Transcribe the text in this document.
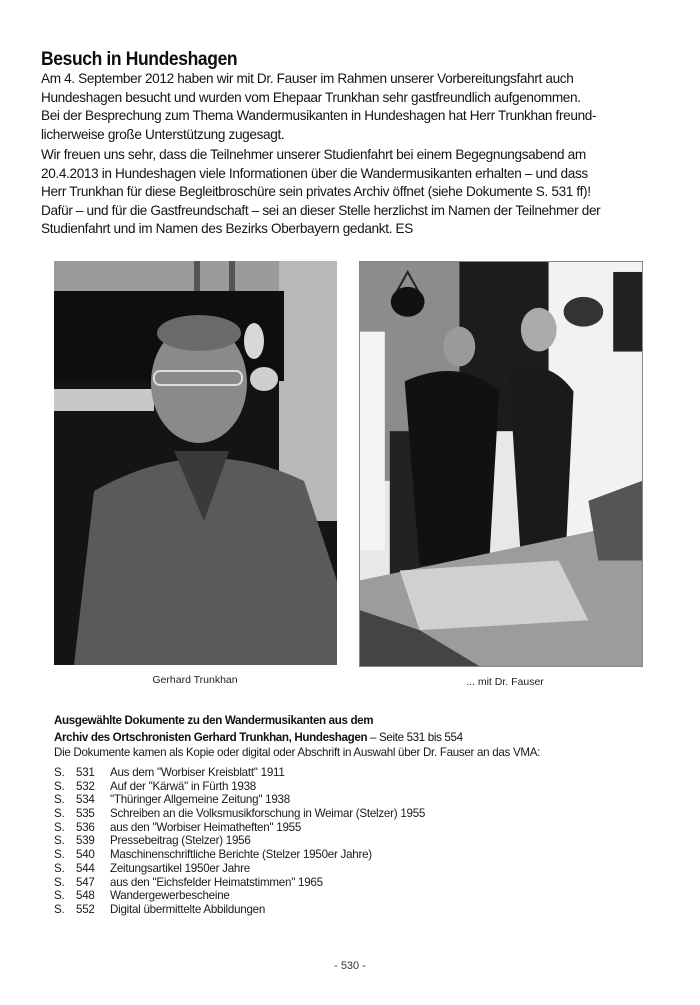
Besuch in Hundeshagen
Am 4. September 2012 haben wir mit Dr. Fauser im Rahmen unserer Vorbereitungsfahrt auch
Hundeshagen besucht und wurden vom Ehepaar Trunkhan sehr gastfreundlich aufgenommen.
Bei der Besprechung zum Thema Wandermusikanten in Hundeshagen hat Herr Trunkhan freund-
licherweise große Unterstützung zugesagt.
Wir freuen uns sehr, dass die Teilnehmer unserer Studienfahrt bei einem Begegnungsabend am
20.4.2013 in Hundeshagen viele Informationen über die Wandermusikanten erhalten – und dass
Herr Trunkhan für diese Begleitbroschüre sein privates Archiv öffnet (siehe Dokumente S. 531 ff)!
Dafür – und für die Gastfreundschaft – sei an dieser Stelle herzlichst im Namen der Teilnehmer der
Studienfahrt und im Namen des Bezirks Oberbayern gedankt. ES
Gerhard Trunkhan	... mit Dr. Fauser
Ausgewählte Dokumente zu den Wandermusikanten aus dem
Archiv des Ortschronisten Gerhard Trunkhan, Hundeshagen – Seite 531 bis 554
Die Dokumente kamen als Kopie oder digital oder Abschrift in Auswahl über Dr. Fauser an das VMA:
S. 531	Aus dem "Worbiser Kreisblatt" 1911
S. 532	Auf der "Kärwä" in Fürth 1938
S. 534	"Thüringer Allgemeine Zeitung" 1938
S. 535	Schreiben an die Volksmusikforschung in Weimar (Stelzer) 1955
S. 536	aus den "Worbiser Heimatheften" 1955
S. 539	Pressebeitrag (Stelzer) 1956
S. 540	Maschinenschriftliche Berichte (Stelzer 1950er Jahre)
S. 544	Zeitungsartikel 1950er Jahre
S. 547	aus den "Eichsfelder Heimatstimmen" 1965
S. 548	Wandergewerbescheine
S. 552	Digital übermittelte Abbildungen
- 530 -
